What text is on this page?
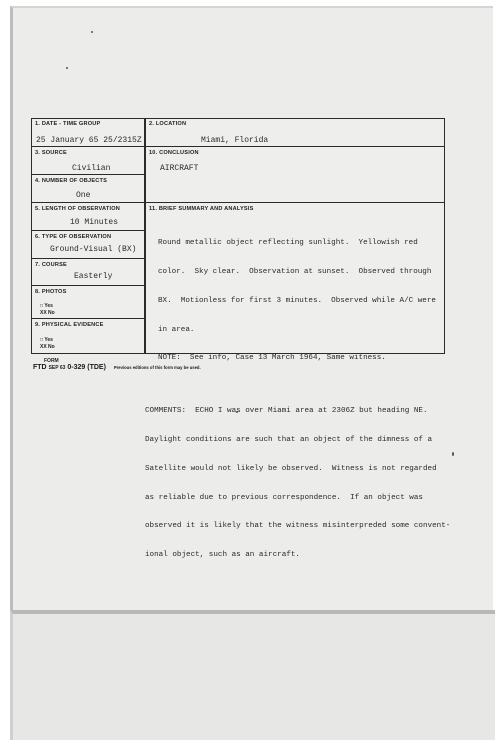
1. DATE - TIME GROUP
25 January 65 25/2315Z
2. LOCATION
Miami, Florida
3. SOURCE
Civilian
10. CONCLUSION
AIRCRAFT
4. NUMBER OF OBJECTS
One
5. LENGTH OF OBSERVATION
10 Minutes
11. BRIEF SUMMARY AND ANALYSIS

Round metallic object reflecting sunlight.  Yellowish red

color.  Sky clear.  Observation at sunset.  Observed through

BX.  Motionless for first 3 minutes.  Observed while A/C were

in area.

NOTE:  See info, Case 13 March 1964, Same witness.

COMMENTS:  ECHO I was over Miami area at 2306Z but heading NE.

Daylight conditions are such that an object of the dimness of a

Satellite would not likely be observed.  Witness is not regarded

as reliable due to previous correspondence.  If an object was

observed it is likely that the witness misinterpreded some convent-

ional object, such as an aircraft.

6. TYPE OF OBSERVATION
Ground-Visual (BX)
7. COURSE
Easterly
8. PHOTOS
□ Yes
XX No
9. PHYSICAL EVIDENCE
□ Yes
XX No
FORM
FTD SEP 63 0-329 (TDE) Previous editions of this form may be used.
